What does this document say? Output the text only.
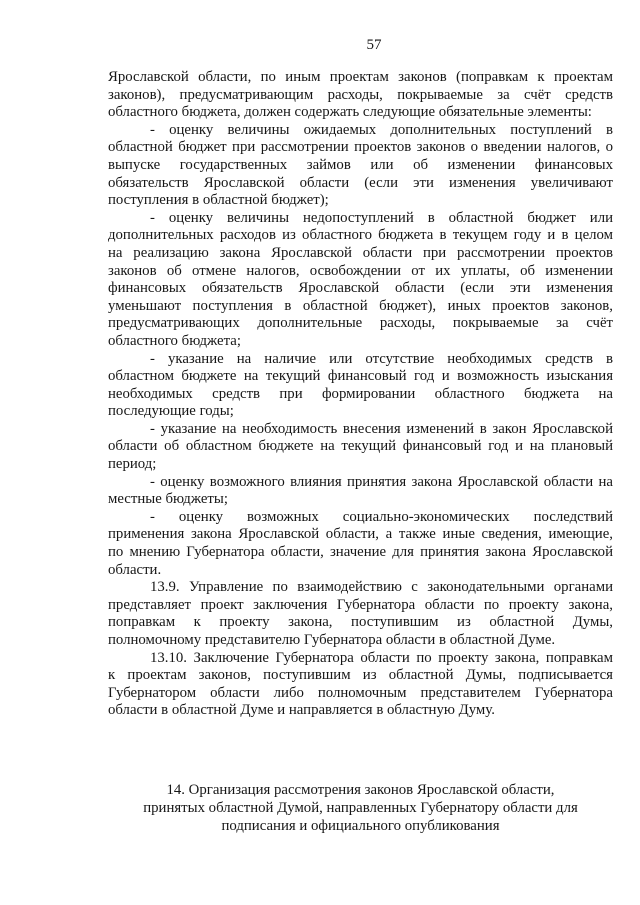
57
Ярославской области, по иным проектам законов (поправкам к проектам
законов), предусматривающим расходы, покрываемые за счёт средств
областного бюджета, должен содержать следующие обязательные элементы:
- оценку величины ожидаемых дополнительных поступлений в
областной бюджет при рассмотрении проектов законов о введении налогов, о
выпуске государственных займов или об изменении финансовых
обязательств Ярославской области (если эти изменения увеличивают
поступления в областной бюджет);
- оценку величины недопоступлений в областной бюджет или
дополнительных расходов из областного бюджета в текущем году и в целом
на реализацию закона Ярославской области при рассмотрении проектов
законов об отмене налогов, освобождении от их уплаты, об изменении
финансовых обязательств Ярославской области (если эти изменения
уменьшают поступления в областной бюджет), иных проектов законов,
предусматривающих дополнительные расходы, покрываемые за счёт
областного бюджета;
- указание на наличие или отсутствие необходимых средств в
областном бюджете на текущий финансовый год и возможность изыскания
необходимых средств при формировании областного бюджета на
последующие годы;
- указание на необходимость внесения изменений в закон Ярославской
области об областном бюджете на текущий финансовый год и на плановый
период;
- оценку возможного влияния принятия закона Ярославской области на
местные бюджеты;
- оценку возможных социально-экономических последствий
применения закона Ярославской области, а также иные сведения, имеющие,
по мнению Губернатора области, значение для принятия закона Ярославской
области.
13.9. Управление по взаимодействию с законодательными органами
представляет проект заключения Губернатора области по проекту закона,
поправкам к проекту закона, поступившим из областной Думы,
полномочному представителю Губернатора области в областной Думе.
13.10. Заключение Губернатора области по проекту закона, поправкам
к проектам законов, поступившим из областной Думы, подписывается
Губернатором области либо полномочным представителем Губернатора
области в областной Думе и направляется в областную Думу.
14. Организация рассмотрения законов Ярославской области,
принятых областной Думой, направленных Губернатору области для
подписания и официального опубликования
